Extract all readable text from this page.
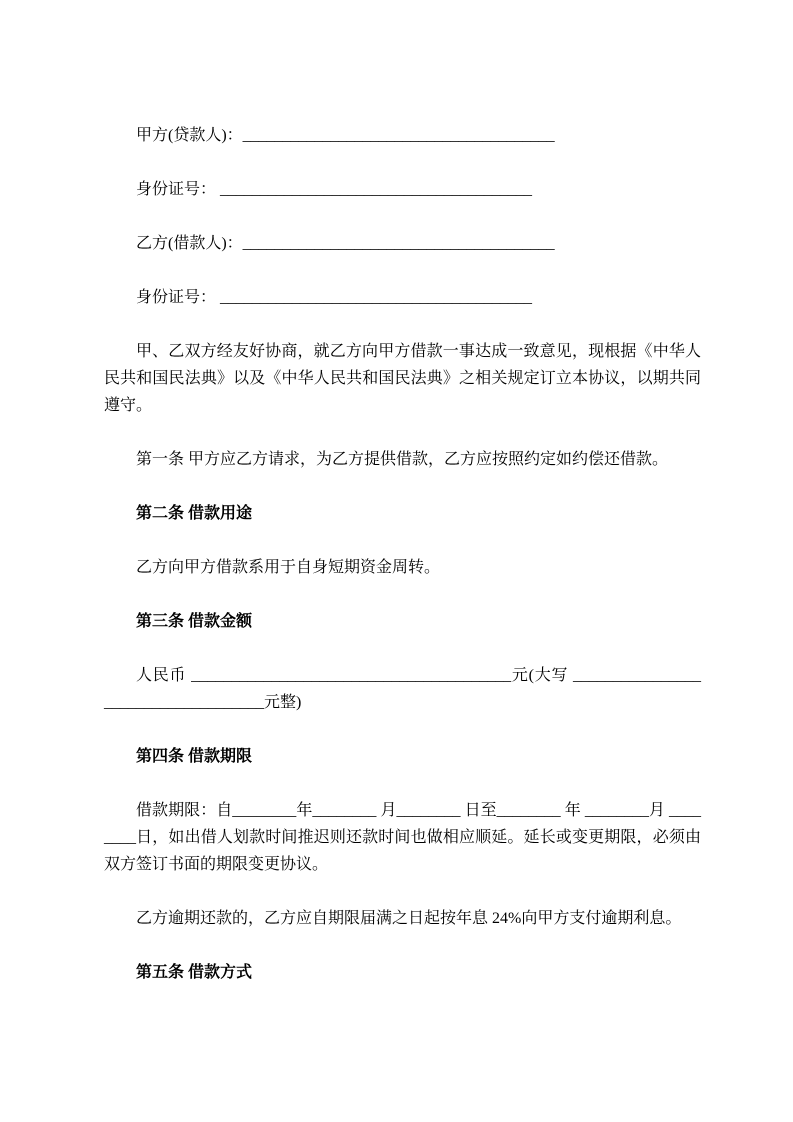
甲方(贷款人)：_______________________________________

身份证号： _______________________________________

乙方(借款人)：_______________________________________

身份证号： _______________________________________

甲、乙双方经友好协商，就乙方向甲方借款一事达成一致意见，现根据《中华人民共和国民法典》以及《中华人民共和国民法典》之相关规定订立本协议，以期共同遵守。

第一条 甲方应乙方请求，为乙方提供借款，乙方应按照约定如约偿还借款。

第二条 借款用途

乙方向甲方借款系用于自身短期资金周转。

第三条 借款金额

人民币 ________________________________________元(大写 ____________________________________元整)

第四条 借款期限

借款期限：自________年________ 月________ 日至________ 年 ________月 ________日，如出借人划款时间推迟则还款时间也做相应顺延。延长或变更期限，必须由双方签订书面的期限变更协议。

乙方逾期还款的，乙方应自期限届满之日起按年息 24%向甲方支付逾期利息。

第五条 借款方式
